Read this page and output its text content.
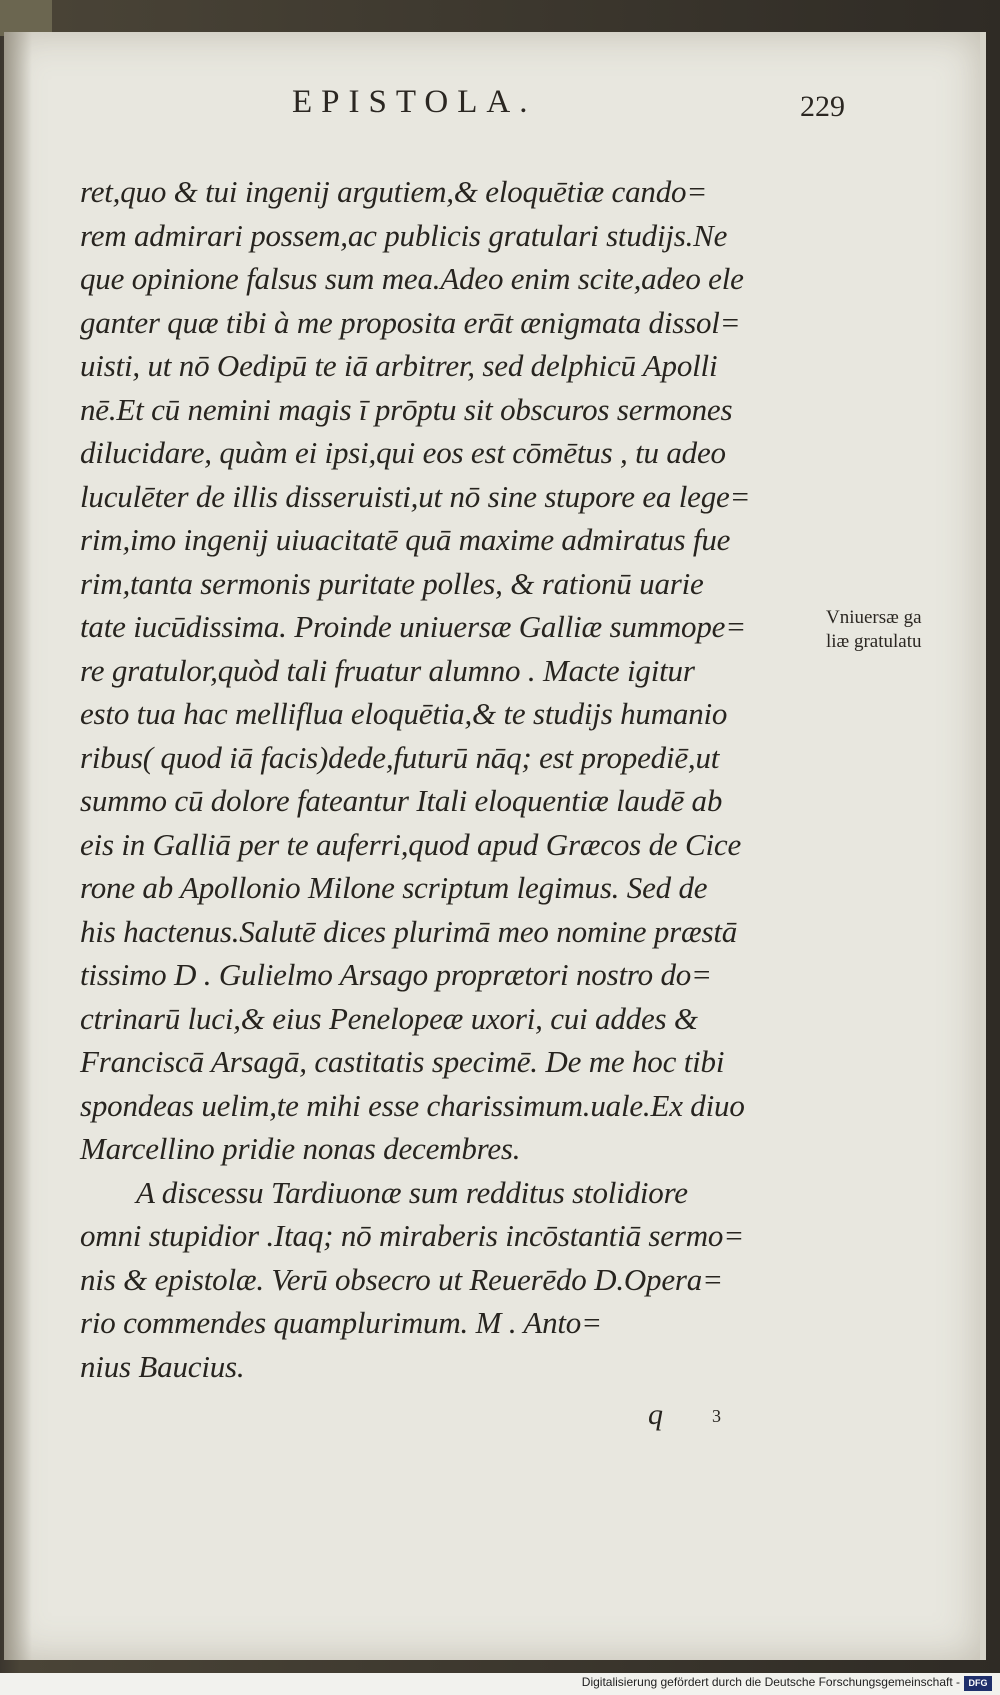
EPISTOLA.	229
ret,quo & tui ingenij argutiem,& eloquētiæ cando=
rem admirari possem,ac publicis gratulari studijs.Ne
que opinione falsus sum mea.Adeo enim scite,adeo ele
ganter quæ tibi à me proposita erāt ænigmata dissol=
uisti, ut nō Oedipū te iā arbitrer, sed delphicū Apolli
nē.Et cū nemini magis ī prōptu sit obscuros sermones
dilucidare, quàm ei ipsi,qui eos est cōmētus , tu adeo
luculēter de illis disseruisti,ut nō sine stupore ea lege=
rim,imo ingenij uiuacitatē quā maxime admiratus fue
rim,tanta sermonis puritate polles, & rationū uarie
tate iucūdissima. Proinde uniuersæ Galliæ summope=
re gratulor,quòd tali fruatur alumno . Macte igitur
esto tua hac melliflua eloquētia,& te studijs humanio
ribus( quod iā facis)dede,futurū nāq; est propediē,ut
summo cū dolore fateantur Itali eloquentiæ laudē ab
eis in Galliā per te auferri,quod apud Græcos de Cice
rone ab Apollonio Milone scriptum legimus. Sed de
his hactenus.Salutē dices plurimā meo nomine præstā
tissimo D . Gulielmo Arsago proprætori nostro do=
ctrinarū luci,& eius Penelopeæ uxori, cui addes &
Franciscā Arsagā, castitatis specimē. De me hoc tibi
spondeas uelim,te mihi esse charissimum.uale.Ex diuo
Marcellino pridie nonas decembres.
A discessu Tardiuonæ sum redditus stolidiore
omni stupidior .Itaq; nō miraberis incōstantiā sermo=
nis & epistolæ. Verū obsecro ut Reuerēdo D.Opera=
rio commendes quamplurimum. M . Anto=
nius Baucius.
Vniuersæ ga
liæ gratulatu
q	3
Digitalisierung gefördert durch die Deutsche Forschungsgemeinschaft - DFG
